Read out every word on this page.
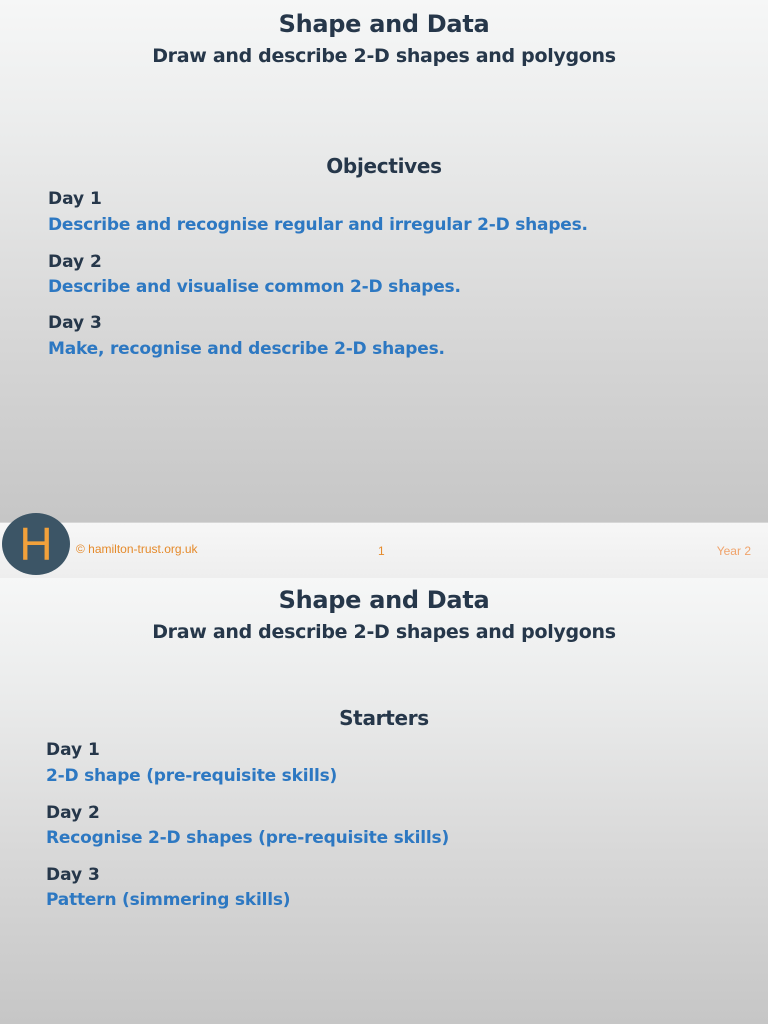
Shape and Data
Draw and describe 2-D shapes and polygons
Objectives
Day 1
Describe and recognise regular and irregular 2-D shapes.
Day 2
Describe and visualise common 2-D shapes.
Day 3
Make, recognise and describe 2-D shapes.
H © hamilton-trust.org.uk	1	Year 2
Shape and Data
Draw and describe 2-D shapes and polygons
Starters
Day 1
2-D shape (pre-requisite skills)
Day 2
Recognise 2-D shapes (pre-requisite skills)
Day 3
Pattern (simmering skills)
